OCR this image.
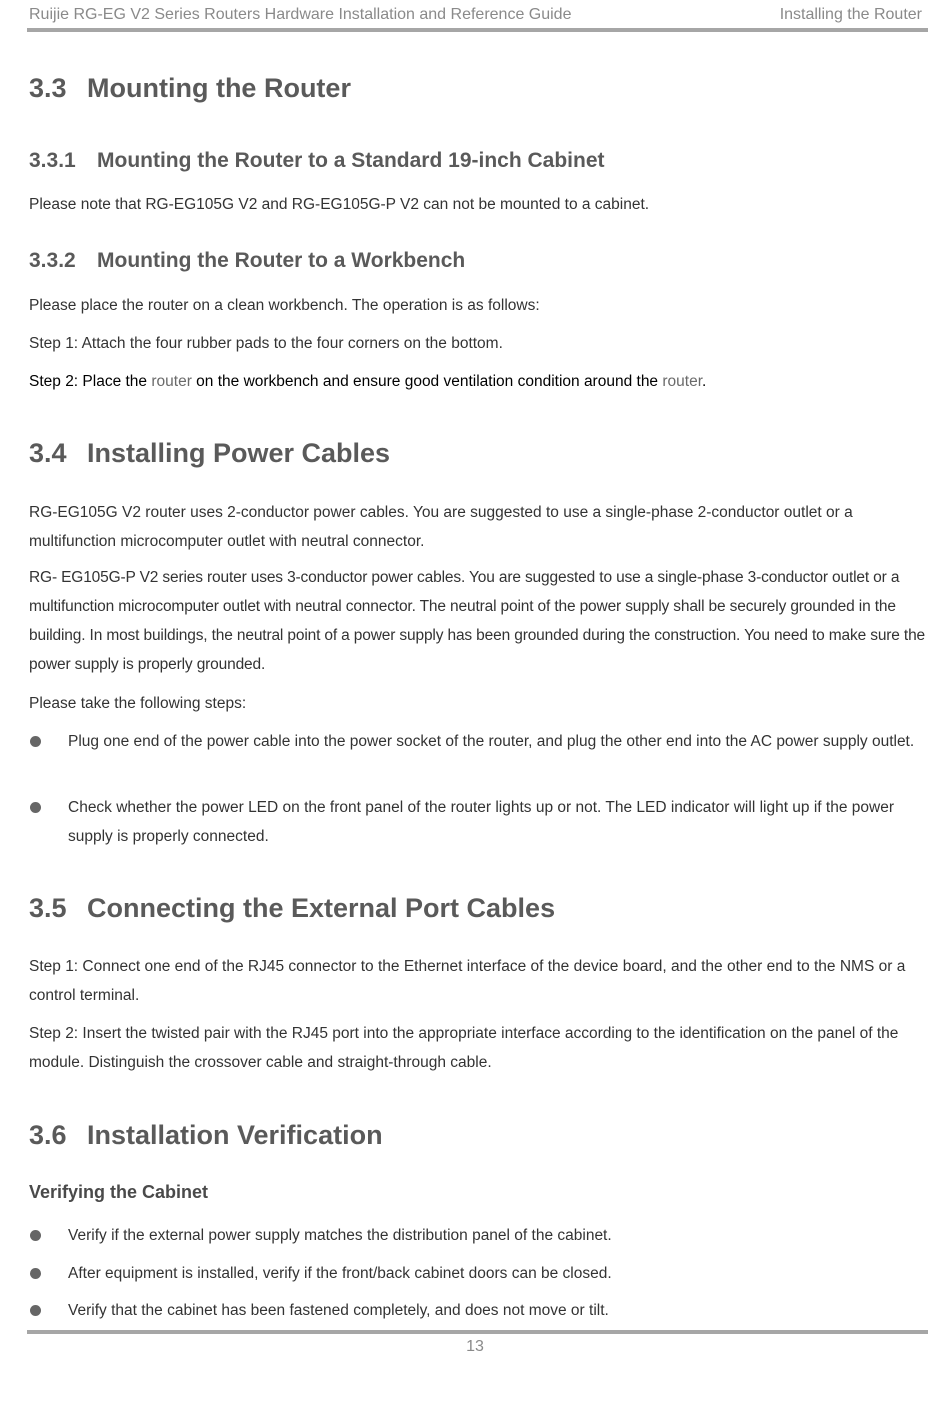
Ruijie RG-EG V2 Series Routers Hardware Installation and Reference Guide	Installing the Router
3.3 Mounting the Router
3.3.1 Mounting the Router to a Standard 19-inch Cabinet

Please note that RG-EG105G V2 and RG-EG105G-P V2 can not be mounted to a cabinet.

3.3.2 Mounting the Router to a Workbench

Please place the router on a clean workbench. The operation is as follows:

Step 1: Attach the four rubber pads to the four corners on the bottom.

Step 2: Place the router on the workbench and ensure good ventilation condition around the router.

3.4 Installing Power Cables

RG-EG105G V2 router uses 2-conductor power cables. You are suggested to use a single-phase 2-conductor outlet or a multifunction microcomputer outlet with neutral connector.

RG- EG105G-P V2 series router uses 3-conductor power cables. You are suggested to use a single-phase 3-conductor outlet or a multifunction microcomputer outlet with neutral connector. The neutral point of the power supply shall be securely grounded in the building. In most buildings, the neutral point of a power supply has been grounded during the construction. You need to make sure the power supply is properly grounded.

Please take the following steps:

Plug one end of the power cable into the power socket of the router, and plug the other end into the AC power supply outlet.
Check whether the power LED on the front panel of the router lights up or not. The LED indicator will light up if the power supply is properly connected.
3.5 Connecting the External Port Cables

Step 1: Connect one end of the RJ45 connector to the Ethernet interface of the device board, and the other end to the NMS or a control terminal.

Step 2: Insert the twisted pair with the RJ45 port into the appropriate interface according to the identification on the panel of the module. Distinguish the crossover cable and straight-through cable.

3.6 Installation Verification
Verifying the Cabinet
Verify if the external power supply matches the distribution panel of the cabinet.
After equipment is installed, verify if the front/back cabinet doors can be closed.
Verify that the cabinet has been fastened completely, and does not move or tilt.
13
